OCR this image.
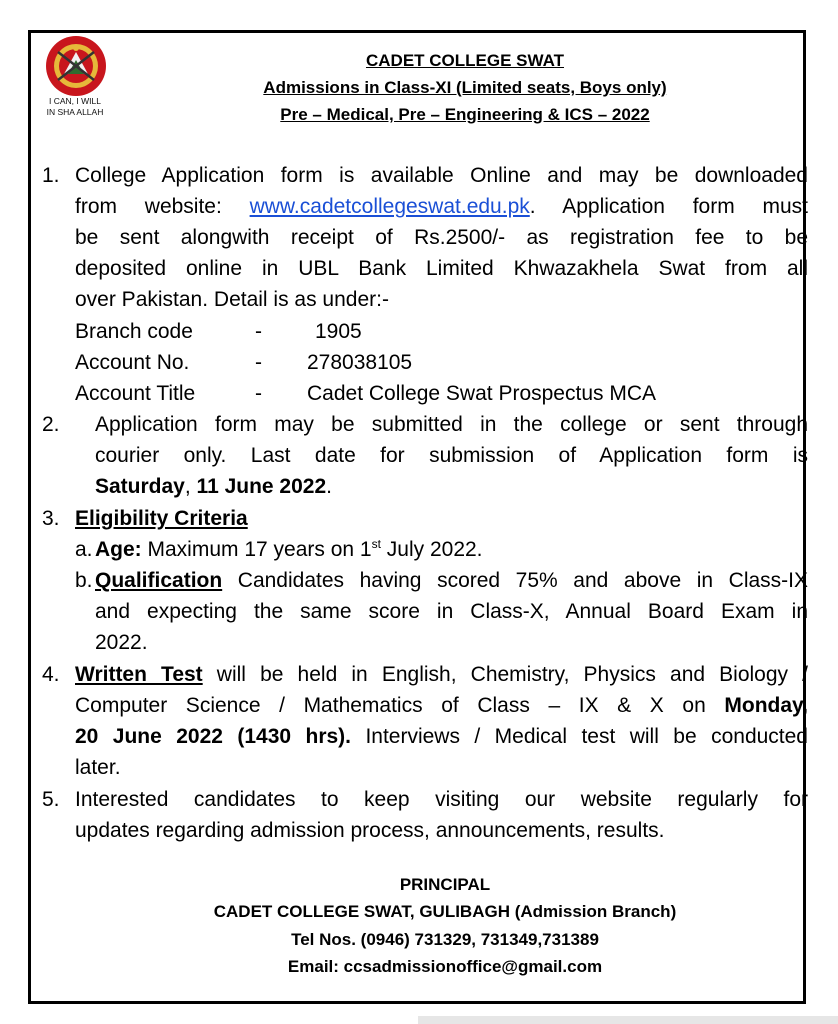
I CAN, I WILL
IN SHA ALLAH
CADET COLLEGE SWAT
Admissions in Class-XI (Limited seats, Boys only)
Pre – Medical, Pre – Engineering & ICS – 2022
1. College Application form is available Online and may be downloaded
from website: www.cadetcollegeswat.edu.pk. Application form must
be sent alongwith receipt of Rs.2500/- as registration fee to be
deposited online in UBL Bank Limited Khwazakhela Swat from all
over Pakistan. Detail is as under:-
Branch code	-	1905
Account No.	- 278038105
Account Title	- Cadet College Swat Prospectus MCA
2. Application form may be submitted in the college or sent through
courier only. Last date for submission of Application form is
Saturday, 11 June 2022.
3. Eligibility Criteria
a. Age: Maximum 17 years on 1st July 2022.
b. Qualification Candidates having scored 75% and above in Class-IX
and expecting the same score in Class-X, Annual Board Exam in
2022.
4. Written Test will be held in English, Chemistry, Physics and Biology /
Computer Science / Mathematics of Class – IX & X on Monday,
20 June 2022 (1430 hrs). Interviews / Medical test will be conducted
later.
5. Interested candidates to keep visiting our website regularly for
updates regarding admission process, announcements, results.
PRINCIPAL
CADET COLLEGE SWAT, GULIBAGH (Admission Branch)
Tel Nos. (0946) 731329, 731349,731389
Email: ccsadmissionoffice@gmail.com
